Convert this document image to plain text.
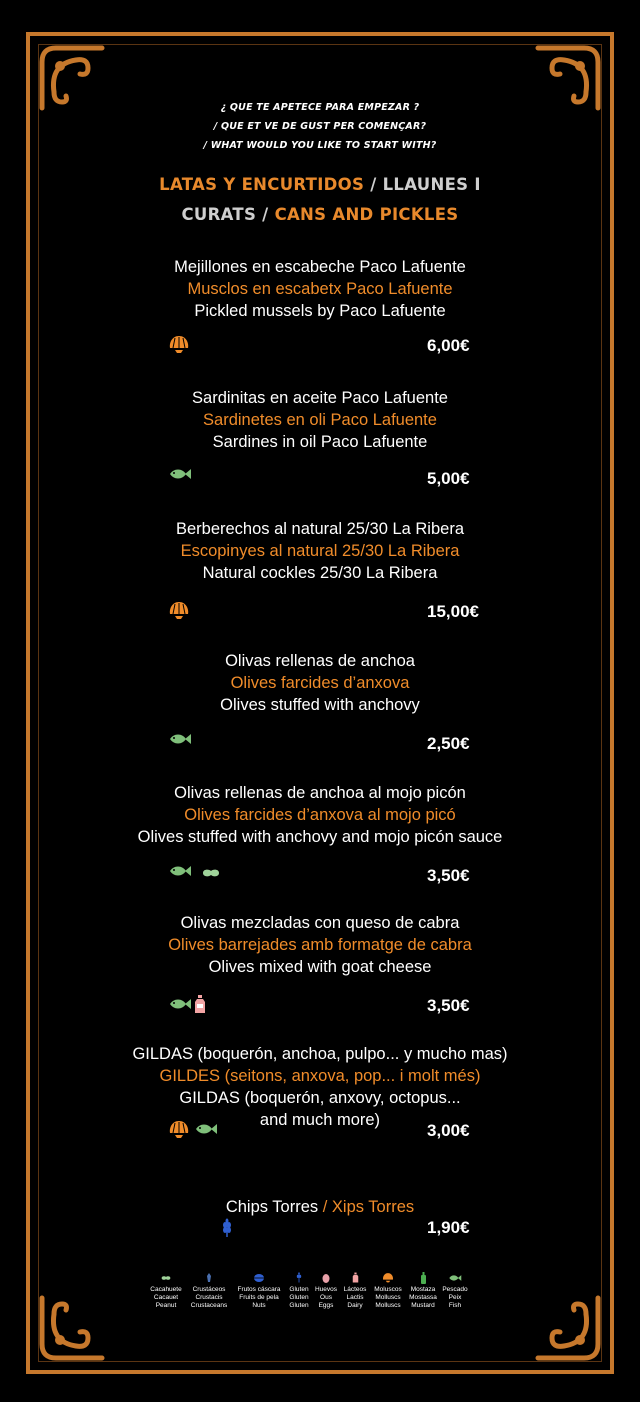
¿ QUE TE APETECE PARA EMPEZAR ?
/ QUE ET VE DE GUST PER COMENÇAR?
/ WHAT WOULD YOU LIKE TO START WITH?
LATAS Y ENCURTIDOS / LLAUNES I
CURATS / CANS AND PICKLES
Mejillones en escabeche Paco Lafuente
Musclos en escabetx Paco Lafuente
Pickled mussels by Paco Lafuente
6,00€
Sardinitas en aceite Paco Lafuente
Sardinetes en oli Paco Lafuente
Sardines in oil Paco Lafuente
5,00€
Berberechos al natural 25/30 La Ribera
Escopinyes al natural 25/30 La Ribera
Natural cockles 25/30 La Ribera
15,00€
Olivas rellenas de anchoa
Olives farcides d’anxova
Olives stuffed with anchovy
2,50€
Olivas rellenas de anchoa al mojo picón
Olives farcides d’anxova al mojo picó
Olives stuffed with anchovy and mojo picón sauce
3,50€
Olivas mezcladas con queso de cabra
Olives barrejades amb formatge de cabra
Olives mixed with goat cheese
3,50€
GILDAS (boquerón, anchoa, pulpo... y mucho mas)
GILDES (seitons, anxova, pop... i molt més)
GILDAS (boquerón, anxovy, octopus...
and much more)
3,00€
Chips Torres / Xips Torres
1,90€
Cacahuete
Cacauet
Peanut
Crustáceos
Crustacis
Crustaceans
Frutos cáscara
Fruits de pela
Nuts
Gluten
Gluten
Gluten
Huevos
Ous
Eggs
Lácteos
Lactis
Dairy
Moluscos
Molluscs
Molluscs
Mostaza
Mostassa
Mustard
Pescado
Peix
Fish
